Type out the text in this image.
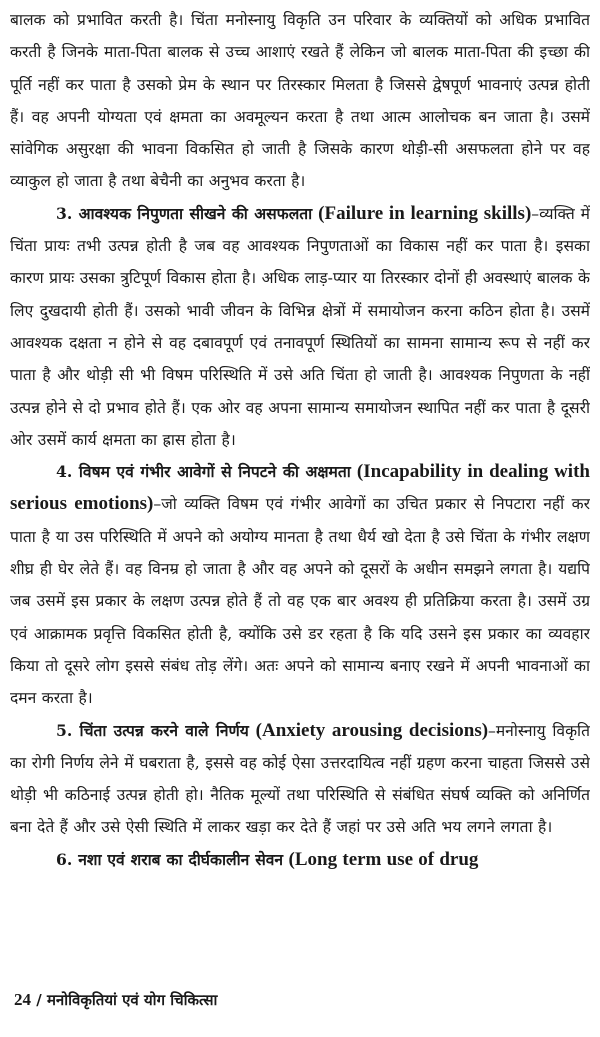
बालक को प्रभावित करती है। चिंता मनोस्नायु विकृति उन परिवार के व्यक्तियों को अधिक प्रभावित करती है जिनके माता-पिता बालक से उच्च आशाएं रखते हैं लेकिन जो बालक माता-पिता की इच्छा की पूर्ति नहीं कर पाता है उसको प्रेम के स्थान पर तिरस्कार मिलता है जिससे द्वेषपूर्ण भावनाएं उत्पन्न होती हैं। वह अपनी योग्यता एवं क्षमता का अवमूल्यन करता है तथा आत्म आलोचक बन जाता है। उसमें सांवेगिक असुरक्षा की भावना विकसित हो जाती है जिसके कारण थोड़ी-सी असफलता होने पर वह व्याकुल हो जाता है तथा बेचैनी का अनुभव करता है।

3. आवश्यक निपुणता सीखने की असफलता (Failure in learning skills)–व्यक्ति में चिंता प्रायः तभी उत्पन्न होती है जब वह आवश्यक निपुणताओं का विकास नहीं कर पाता है। इसका कारण प्रायः उसका त्रुटिपूर्ण विकास होता है। अधिक लाड़-प्यार या तिरस्कार दोनों ही अवस्थाएं बालक के लिए दुखदायी होती हैं। उसको भावी जीवन के विभिन्न क्षेत्रों में समायोजन करना कठिन होता है। उसमें आवश्यक दक्षता न होने से वह दबावपूर्ण एवं तनावपूर्ण स्थितियों का सामना सामान्य रूप से नहीं कर पाता है और थोड़ी सी भी विषम परिस्थिति में उसे अति चिंता हो जाती है। आवश्यक निपुणता के नहीं उत्पन्न होने से दो प्रभाव होते हैं। एक ओर वह अपना सामान्य समायोजन स्थापित नहीं कर पाता है दूसरी ओर उसमें कार्य क्षमता का ह्रास होता है।

4. विषम एवं गंभीर आवेगों से निपटने की अक्षमता (Incapability in dealing with serious emotions)–जो व्यक्ति विषम एवं गंभीर आवेगों का उचित प्रकार से निपटारा नहीं कर पाता है या उस परिस्थिति में अपने को अयोग्य मानता है तथा धैर्य खो देता है उसे चिंता के गंभीर लक्षण शीघ्र ही घेर लेते हैं। वह विनम्र हो जाता है और वह अपने को दूसरों के अधीन समझने लगता है। यद्यपि जब उसमें इस प्रकार के लक्षण उत्पन्न होते हैं तो वह एक बार अवश्य ही प्रतिक्रिया करता है। उसमें उग्र एवं आक्रामक प्रवृत्ति विकसित होती है, क्योंकि उसे डर रहता है कि यदि उसने इस प्रकार का व्यवहार किया तो दूसरे लोग इससे संबंध तोड़ लेंगे। अतः अपने को सामान्य बनाए रखने में अपनी भावनाओं का दमन करता है।

5. चिंता उत्पन्न करने वाले निर्णय (Anxiety arousing decisions)–मनोस्नायु विकृति का रोगी निर्णय लेने में घबराता है, इससे वह कोई ऐसा उत्तरदायित्व नहीं ग्रहण करना चाहता जिससे उसे थोड़ी भी कठिनाई उत्पन्न होती हो। नैतिक मूल्यों तथा परिस्थिति से संबंधित संघर्ष व्यक्ति को अनिर्णित बना देते हैं और उसे ऐसी स्थिति में लाकर खड़ा कर देते हैं जहां पर उसे अति भय लगने लगता है।

6. नशा एवं शराब का दीर्घकालीन सेवन (Long term use of drug

24 / मनोविकृतियां एवं योग चिकित्सा
